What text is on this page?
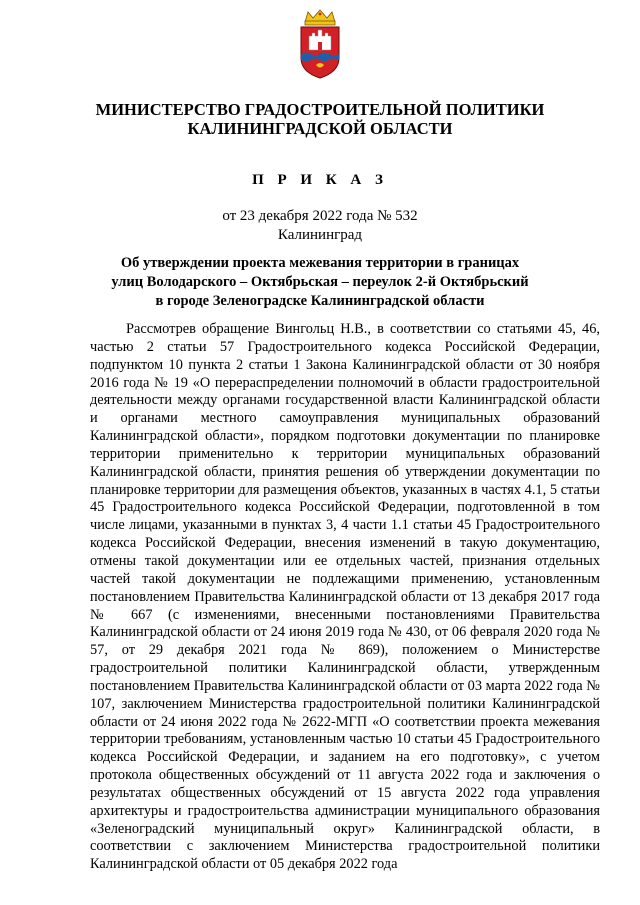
МИНИСТЕРСТВО ГРАДОСТРОИТЕЛЬНОЙ ПОЛИТИКИ
КАЛИНИНГРАДСКОЙ ОБЛАСТИ
П Р И К А З
от 23 декабря 2022 года № 532
Калининград
Об утверждении проекта межевания территории в границах
улиц Володарского – Октябрьская – переулок 2-й Октябрьский
в городе Зеленоградске Калининградской области

Рассмотрев обращение Вингольц Н.В., в соответствии со статьями 45, 46, частью 2 статьи 57 Градостроительного кодекса Российской Федерации, подпунктом 10 пункта 2 статьи 1 Закона Калининградской области от 30 ноября 2016 года № 19 «О перераспределении полномочий в области градостроительной деятельности между органами государственной власти Калининградской области и органами местного самоуправления муниципальных образований Калининградской области», порядком подготовки документации по планировке территории применительно к территории муниципальных образований Калининградской области, принятия решения об утверждении документации по планировке территории для размещения объектов, указанных в частях 4.1, 5 статьи 45 Градостроительного кодекса Российской Федерации, подготовленной в том числе лицами, указанными в пунктах 3, 4 части 1.1 статьи 45 Градостроительного кодекса Российской Федерации, внесения изменений в такую документацию, отмены такой документации или ее отдельных частей, признания отдельных частей такой документации не подлежащими применению, установленным постановлением Правительства Калининградской области от 13 декабря 2017 года № 667 (с изменениями, внесенными постановлениями Правительства Калининградской области от 24 июня 2019 года № 430, от 06 февраля 2020 года № 57, от 29 декабря 2021 года № 869), положением о Министерстве градостроительной политики Калининградской области, утвержденным постановлением Правительства Калининградской области от 03 марта 2022 года № 107, заключением Министерства градостроительной политики Калининградской области от 24 июня 2022 года № 2622-МГП «О соответствии проекта межевания территории требованиям, установленным частью 10 статьи 45 Градостроительного кодекса Российской Федерации, и заданием на его подготовку», с учетом протокола общественных обсуждений от 11 августа 2022 года и заключения о результатах общественных обсуждений от 15 августа 2022 года управления архитектуры и градостроительства администрации муниципального образования «Зеленоградский муниципальный округ» Калининградской области, в соответствии с заключением Министерства градостроительной политики Калининградской области от 05 декабря 2022 года
